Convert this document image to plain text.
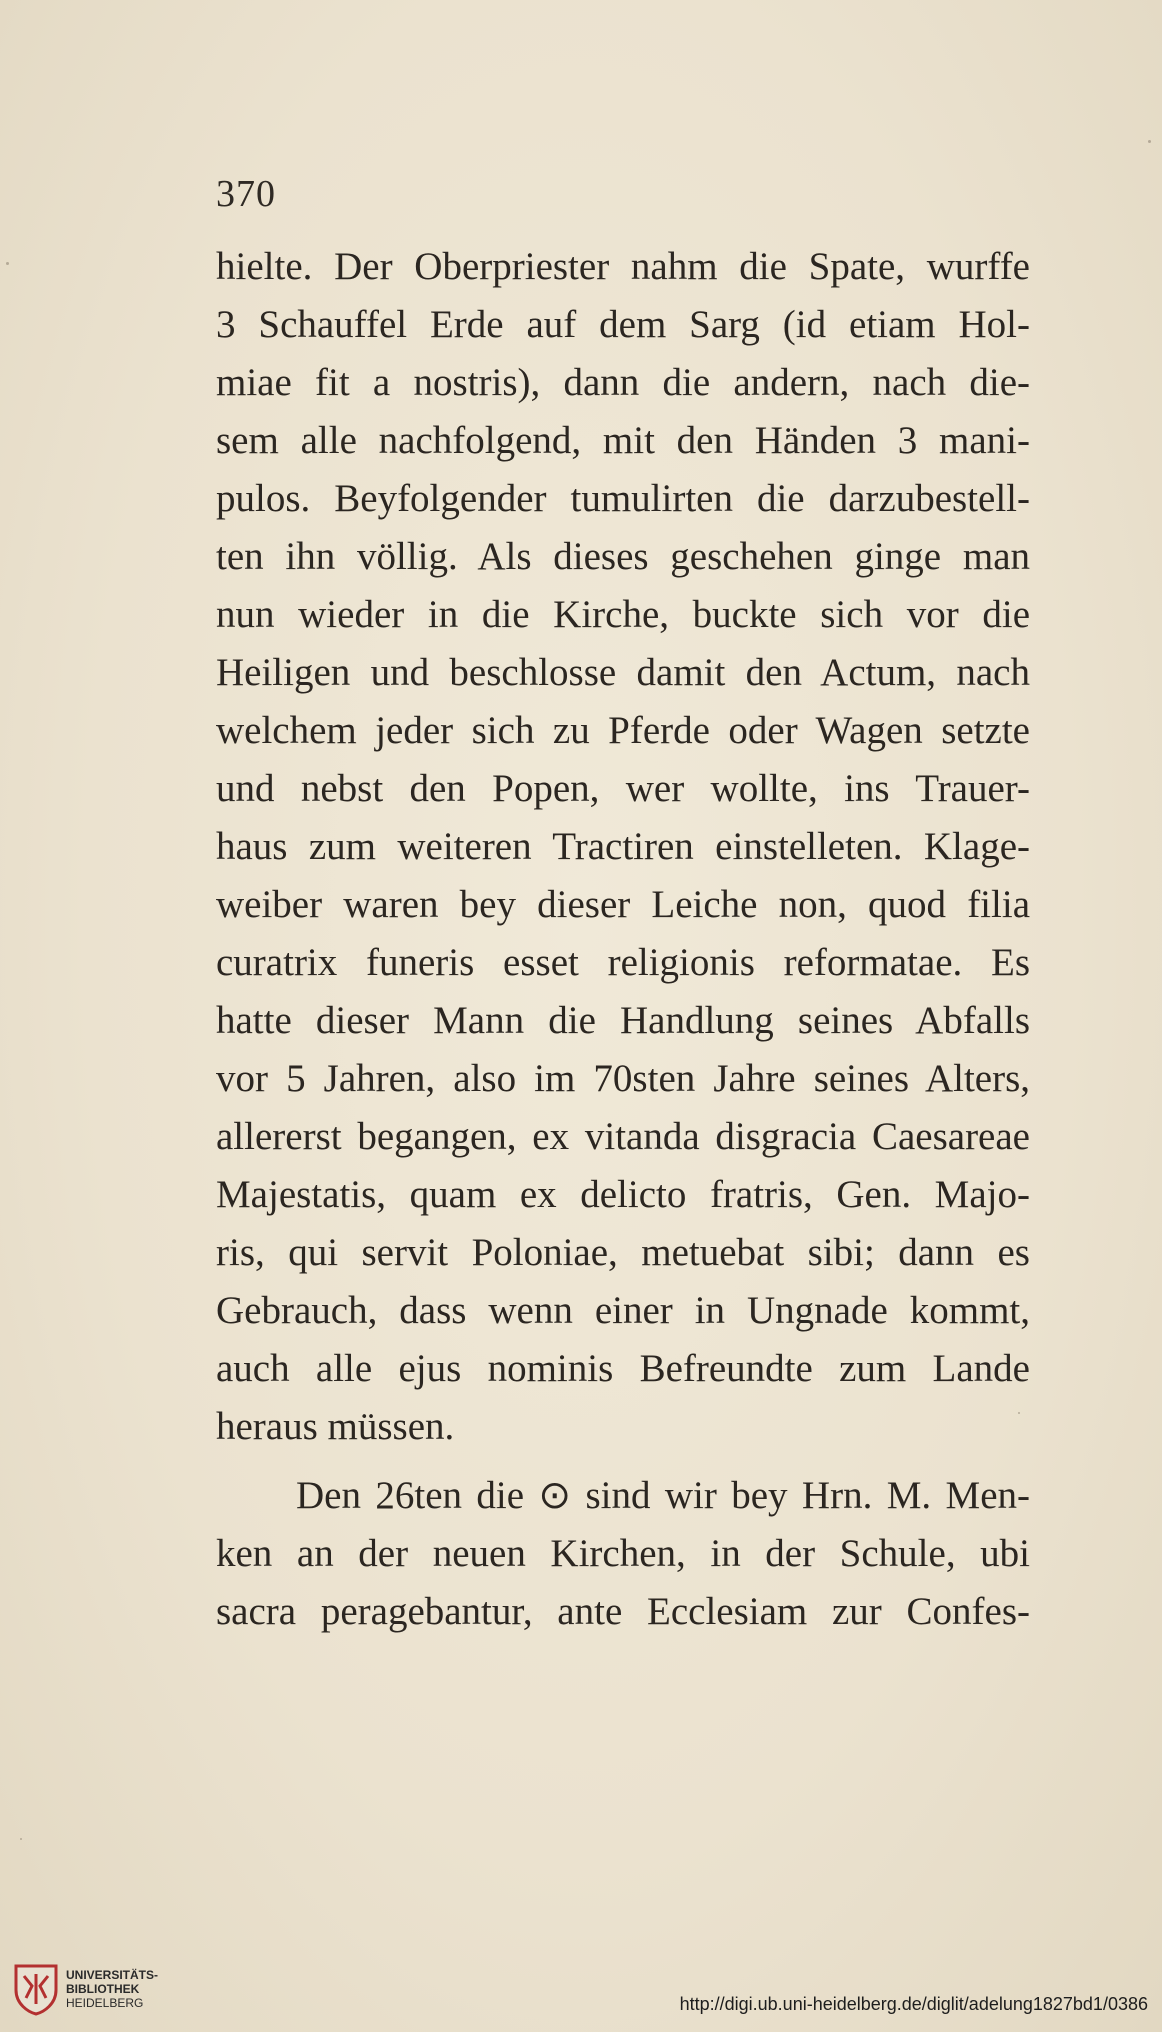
370
hielte. Der Oberpriester nahm die Spate, wurffe
3 Schauffel Erde auf dem Sarg (id etiam Hol-
miae fit a nostris), dann die andern, nach die-
sem alle nachfolgend, mit den Händen 3 mani-
pulos. Beyfolgender tumulirten die darzubestell-
ten ihn völlig. Als dieses geschehen ginge man
nun wieder in die Kirche, buckte sich vor die
Heiligen und beschlosse damit den Actum, nach
welchem jeder sich zu Pferde oder Wagen setzte
und nebst den Popen, wer wollte, ins Trauer-
haus zum weiteren Tractiren einstelleten. Klage-
weiber waren bey dieser Leiche non, quod filia
curatrix funeris esset religionis reformatae. Es
hatte dieser Mann die Handlung seines Abfalls
vor 5 Jahren, also im 70sten Jahre seines Alters,
allererst begangen, ex vitanda disgracia Caesareae
Majestatis, quam ex delicto fratris, Gen. Majo-
ris, qui servit Poloniae, metuebat sibi; dann es
Gebrauch, dass wenn einer in Ungnade kommt,
auch alle ejus nominis Befreundte zum Lande
heraus müssen.
Den 26ten die ⊙ sind wir bey Hrn. M. Men-
ken an der neuen Kirchen, in der Schule, ubi
sacra peragebantur, ante Ecclesiam zur Confes-
UNIVERSITÄTS-
BIBLIOTHEK
HEIDELBERG	http://digi.ub.uni-heidelberg.de/diglit/adelung1827bd1/0386
